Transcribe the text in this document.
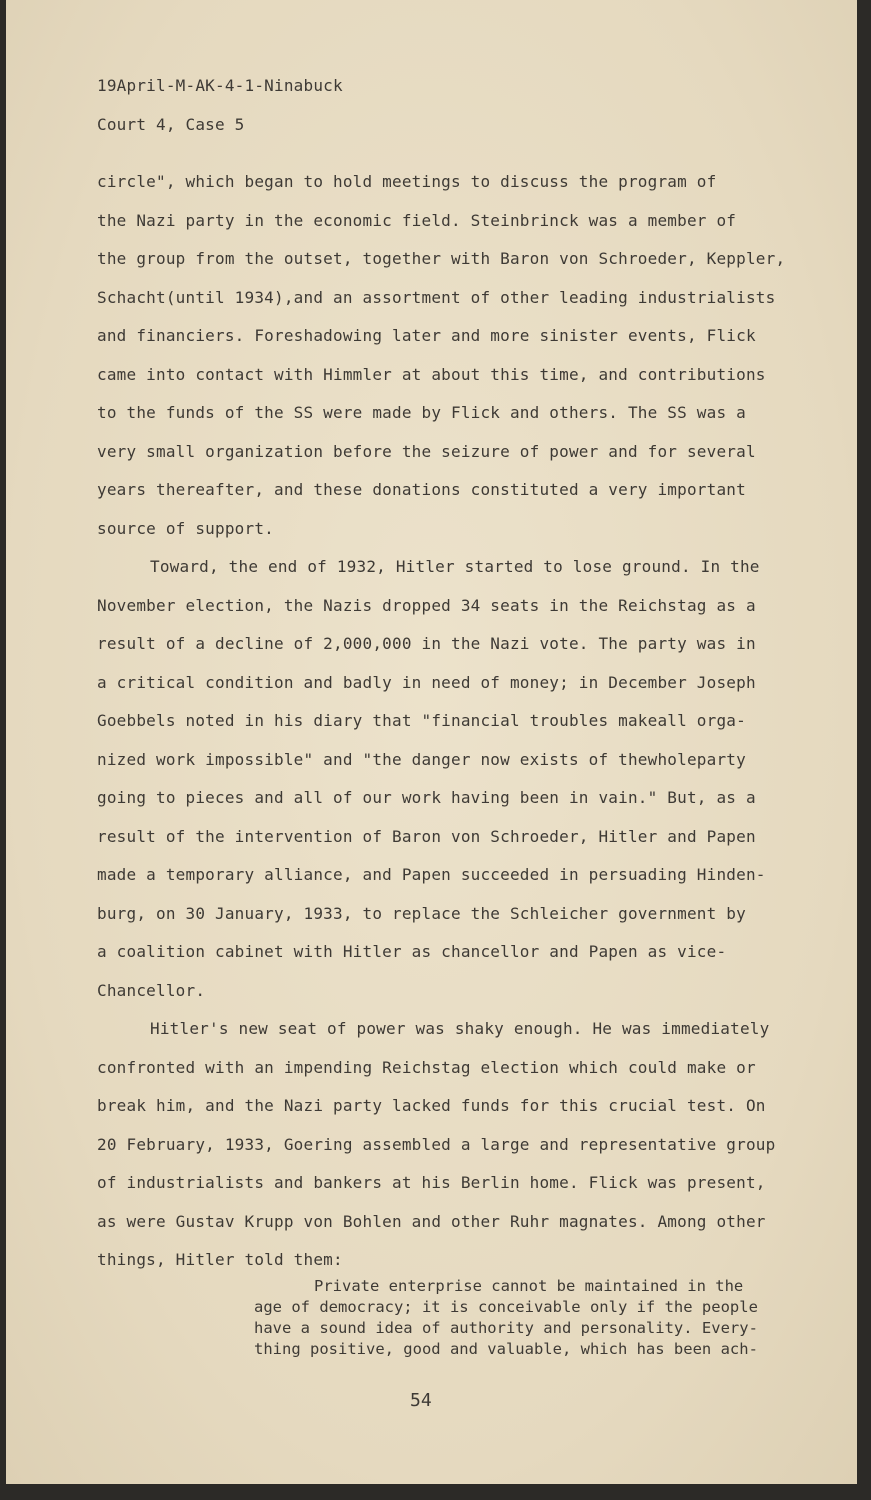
19April-M-AK-4-1-Ninabuck
Court 4, Case 5
circle", which began to hold meetings to discuss the program of
the Nazi party in the economic field. Steinbrinck was a member of
the group from the outset, together with Baron von Schroeder, Keppler,
Schacht(until 1934),and an assortment of other leading industrialists
and financiers. Foreshadowing later and more sinister events, Flick
came into contact with Himmler at about this time, and contributions
to the funds of the SS were made by Flick and others. The SS was a
very small organization before the seizure of power and for several
years thereafter, and these donations constituted a very important
source of support.
Toward, the end of 1932, Hitler started to lose ground. In the
November election, the Nazis dropped 34 seats in the Reichstag as a
result of a decline of 2,000,000 in the Nazi vote. The party was in
a critical condition and badly in need of money; in December Joseph
Goebbels noted in his diary that "financial troubles makeall orga-
nized work impossible" and "the danger now exists of thewholeparty
going to pieces and all of our work having been in vain." But, as a
result of the intervention of Baron von Schroeder, Hitler and Papen
made a temporary alliance, and Papen succeeded in persuading Hinden-
burg, on 30 January, 1933, to replace the Schleicher government by
a coalition cabinet with Hitler as chancellor and Papen as vice-
Chancellor.
Hitler's new seat of power was shaky enough. He was immediately
confronted with an impending Reichstag election which could make or
break him, and the Nazi party lacked funds for this crucial test. On
20 February, 1933, Goering assembled a large and representative group
of industrialists and bankers at his Berlin home. Flick was present,
as were Gustav Krupp von Bohlen and other Ruhr magnates. Among other
things, Hitler told them:
Private enterprise cannot be maintained in the
age of democracy; it is conceivable only if the people
have a sound idea of authority and personality. Every-
thing positive, good and valuable, which has been ach-
54
